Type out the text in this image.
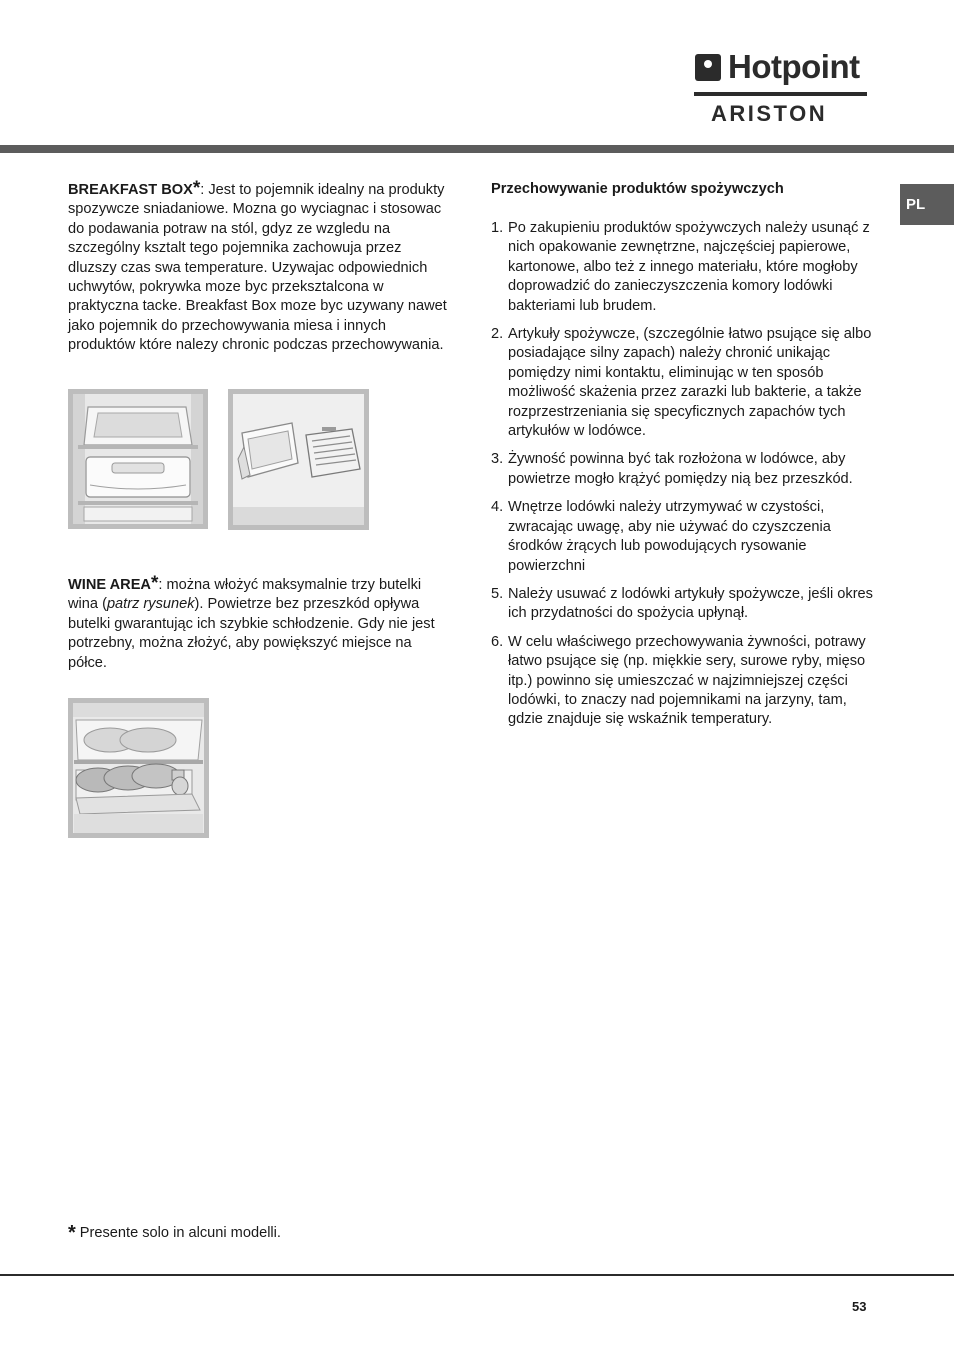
Hotpoint
ARISTON
PL

BREAKFAST BOX*: Jest to pojemnik idealny na produkty spozywcze sniadaniowe. Mozna go wyciagnac i stosowac do podawania potraw na stól, gdyz ze wzgledu na szczególny ksztalt tego pojemnika zachowuja przez dluzszy czas swa temperature. Uzywajac odpowiednich uchwytów, pokrywka moze byc przeksztalcona w praktyczna tacke. Breakfast Box moze byc uzywany nawet jako pojemnik do przechowywania miesa i innych produktów które nalezy chronic podczas przechowywania.

WINE AREA*: można włożyć maksymalnie trzy butelki wina (patrz rysunek). Powietrze bez przeszkód opływa butelki gwarantując ich szybkie schłodzenie. Gdy nie jest potrzebny, można złożyć, aby powiększyć miejsce na półce.

Przechowywanie produktów spożywczych

1. Po zakupieniu produktów spożywczych należy usunąć z nich opakowanie zewnętrzne, najczęściej papierowe, kartonowe, albo też z innego materiału, które mogłoby doprowadzić do zanieczyszczenia komory lodówki bakteriami lub brudem.
2. Artykuły spożywcze, (szczególnie łatwo psujące się albo posiadające silny zapach) należy chronić unikając pomiędzy nimi kontaktu, eliminując w ten sposób możliwość skażenia przez zarazki lub bakterie, a także rozprzestrzeniania się specyficznych zapachów tych artykułów w lodówce.
3. Żywność powinna być tak rozłożona w lodówce, aby powietrze mogło krążyć pomiędzy nią bez przeszkód.
4. Wnętrze lodówki należy utrzymywać w czystości, zwracając uwagę, aby nie używać do czyszczenia środków żrących lub powodujących rysowanie powierzchni
5. Należy usuwać z lodówki artykuły spożywcze, jeśli okres ich przydatności do spożycia upłynął.
6. W celu właściwego przechowywania żywności, potrawy łatwo psujące się (np. miękkie sery, surowe ryby, mięso itp.) powinno się umieszczać w najzimniejszej części lodówki, to znaczy nad pojemnikami na jarzyny, tam, gdzie znajduje się wskaźnik temperatury.
* Presente solo in alcuni modelli.
53
